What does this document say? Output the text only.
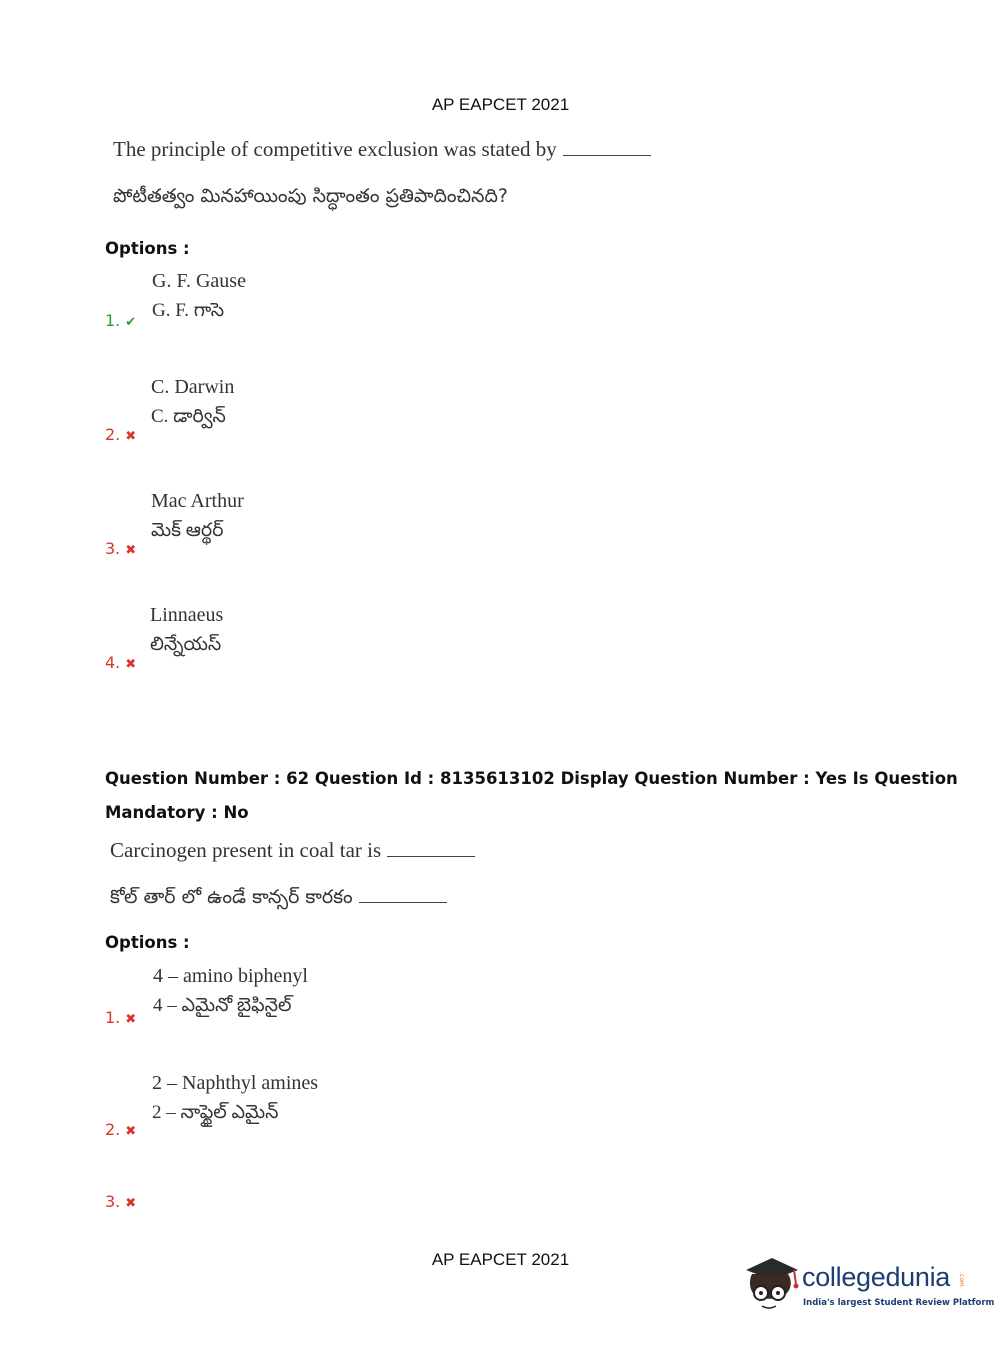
AP EAPCET 2021
The principle of competitive exclusion was stated by
పోటీతత్వం మినహాయింపు సిద్ధాంతం ప్రతిపాదించినది?
Options :
G. F. Gause
G. F. గాసె
1. ✔
C. Darwin
C. డార్విన్
2. ✖
Mac Arthur
మెక్ ఆర్థర్
3. ✖
Linnaeus
లిన్నేయస్
4. ✖
Question Number : 62 Question Id : 8135613102 Display Question Number : Yes Is Question
Mandatory : No
Carcinogen present in coal tar is
కోల్ తార్ లో ఉండే కాన్సర్ కారకం
Options :
4 – amino biphenyl
4 – ఎమైనో బైఫినైల్
1. ✖
2 – Naphthyl amines
2 – నాఫ్థైల్ ఎమైన్
2. ✖
3. ✖
AP EAPCET 2021
collegedunia .com
India's largest Student Review Platform
